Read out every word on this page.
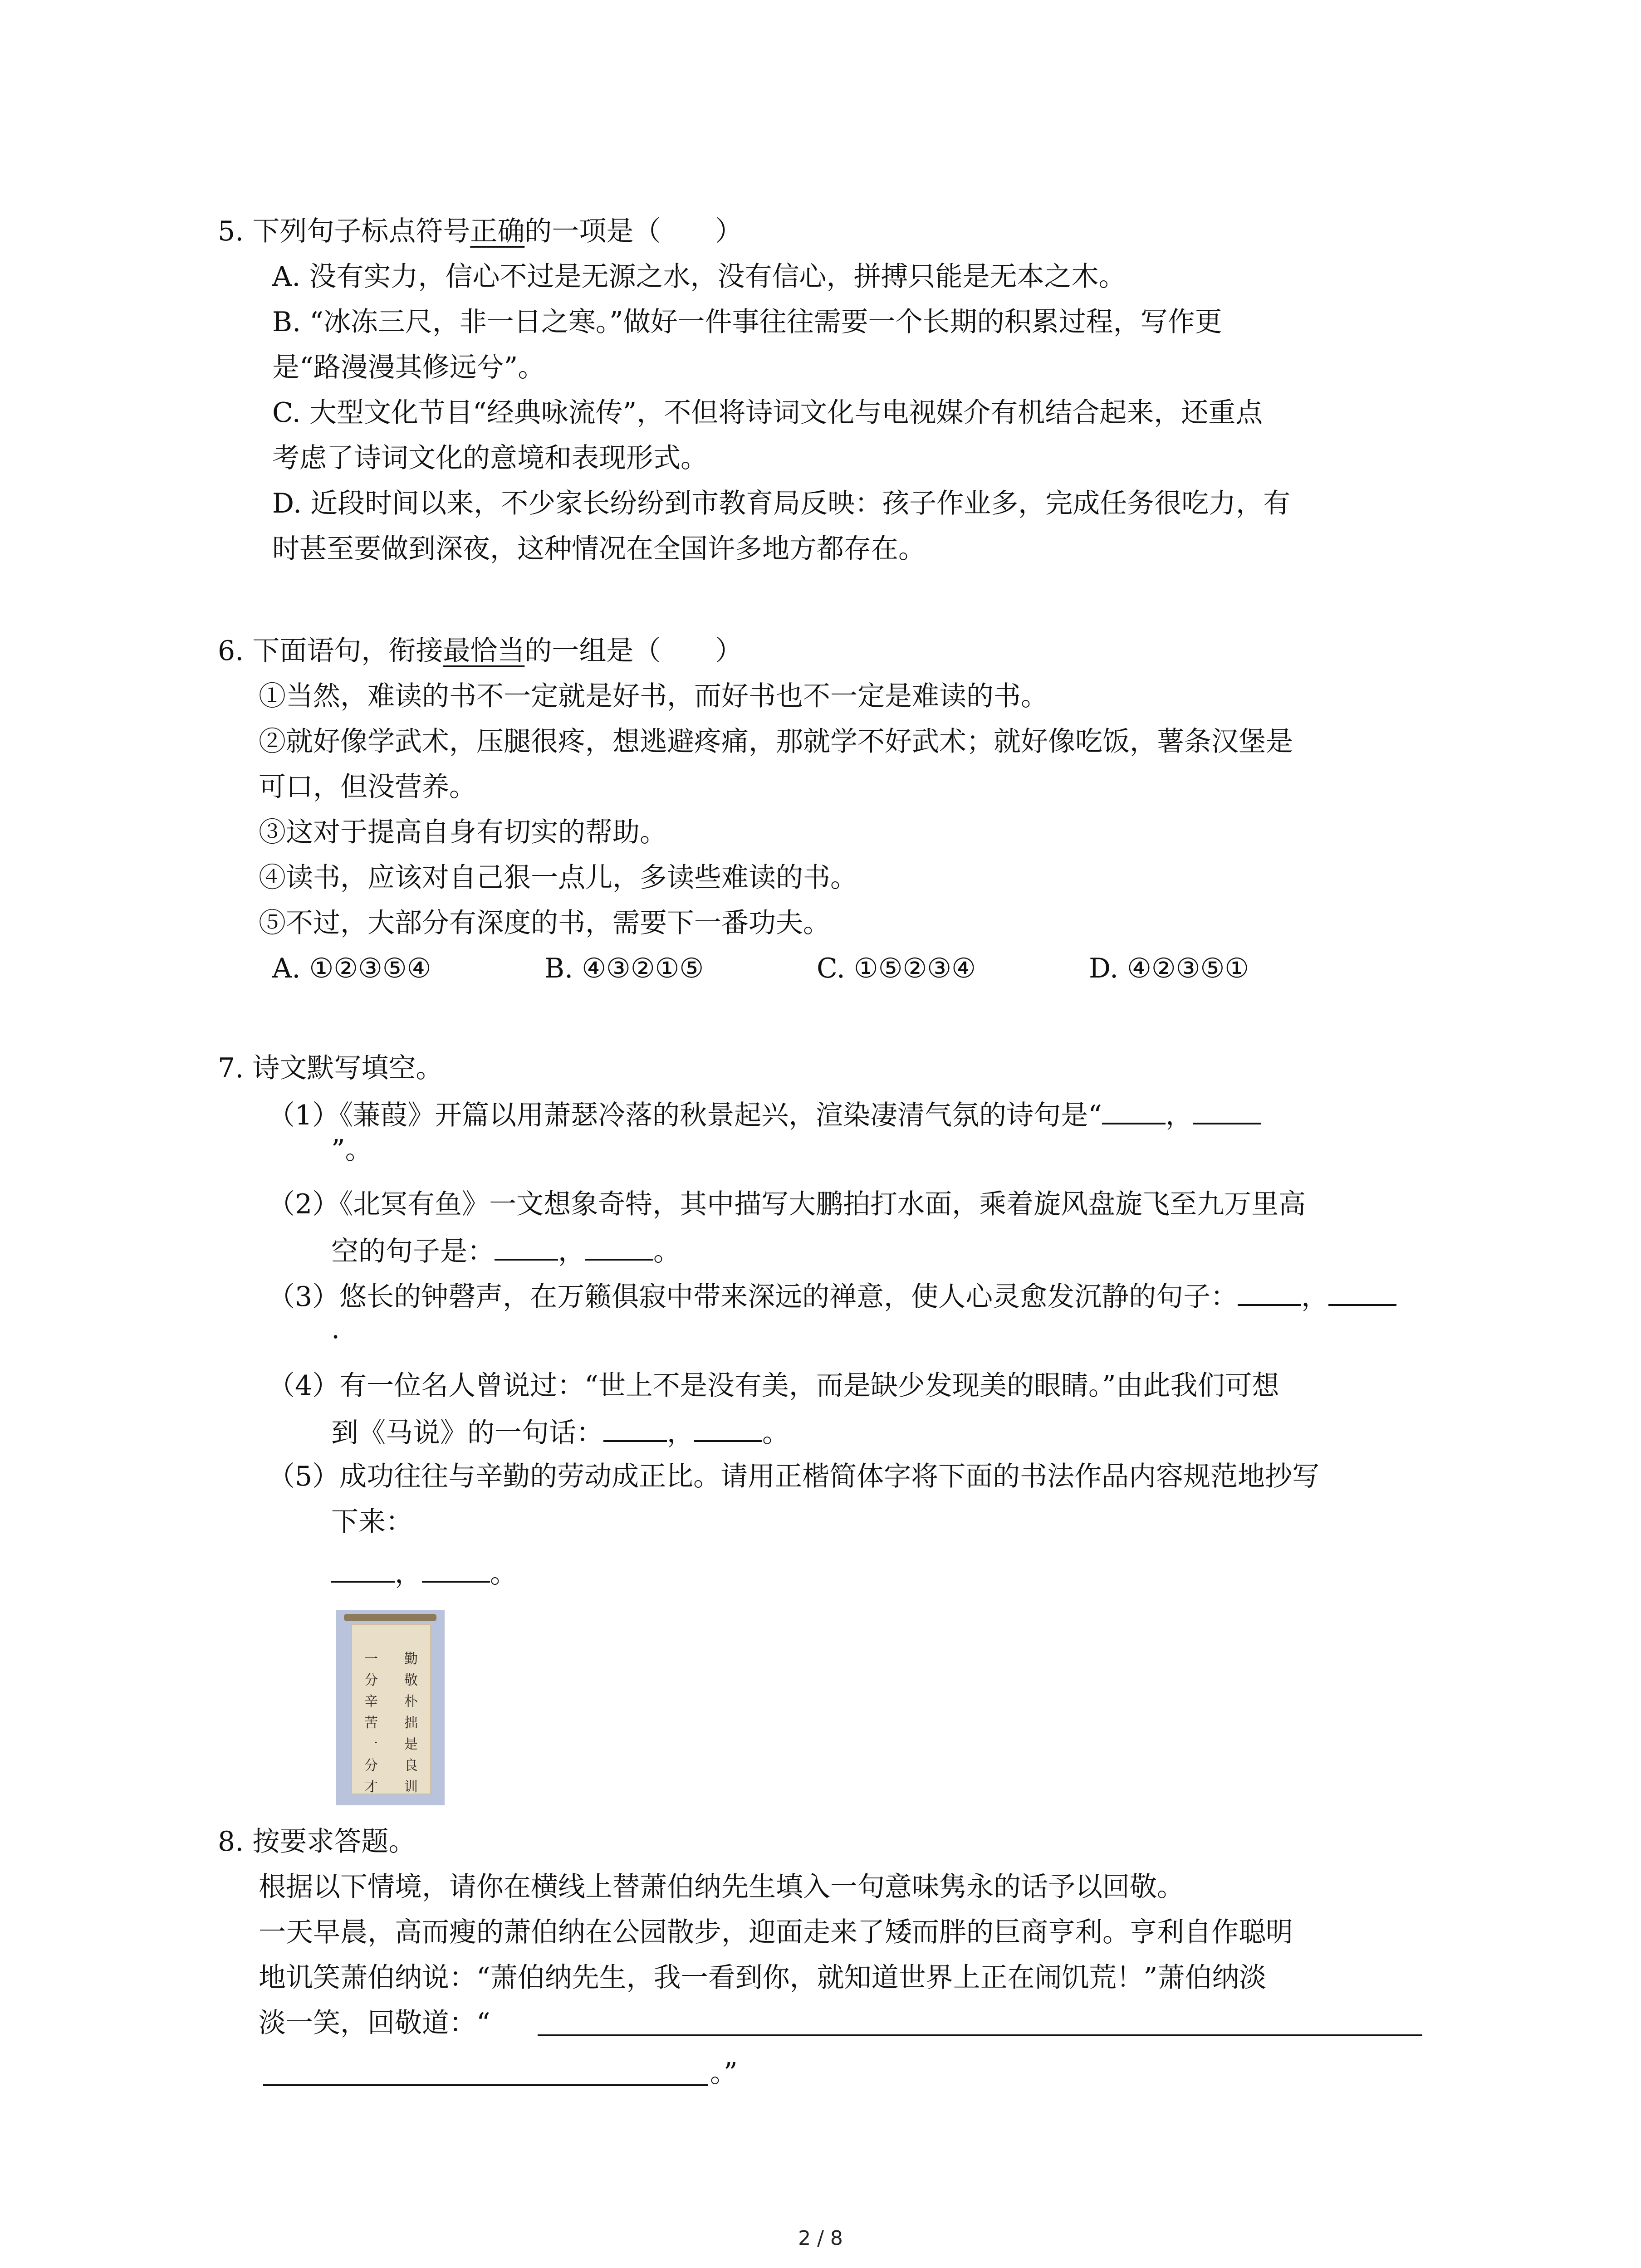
5. 下列句子标点符号正确的一项是（　　）
A. 没有实力，信心不过是无源之水，没有信心，拼搏只能是无本之木。
B. “冰冻三尺，非一日之寒。”做好一件事往往需要一个长期的积累过程，写作更
是“路漫漫其修远兮”。
C. 大型文化节目“经典咏流传”，不但将诗词文化与电视媒介有机结合起来，还重点
考虑了诗词文化的意境和表现形式。
D. 近段时间以来，不少家长纷纷到市教育局反映：孩子作业多，完成任务很吃力，有
时甚至要做到深夜，这种情况在全国许多地方都存在。
6. 下面语句，衔接最恰当的一组是（　　）
①当然，难读的书不一定就是好书，而好书也不一定是难读的书。
②就好像学武术，压腿很疼，想逃避疼痛，那就学不好武术；就好像吃饭，薯条汉堡是
可口，但没营养。
③这对于提高自身有切实的帮助。
④读书，应该对自己狠一点儿，多读些难读的书。
⑤不过，大部分有深度的书，需要下一番功夫。
A. ①②③⑤④	B. ④③②①⑤	C. ①⑤②③④	D. ④②③⑤①
7. 诗文默写填空。
（1）《蒹葭》开篇以用萧瑟冷落的秋景起兴，渲染凄清气氛的诗句是“ ，
”。
（2）《北冥有鱼》一文想象奇特，其中描写大鹏拍打水面，乘着旋风盘旋飞至九万里高
空的句子是： ，	。
（3）悠长的钟磬声，在万籁俱寂中带来深远的禅意，使人心灵愈发沉静的句子： ，
.
（4）有一位名人曾说过：“世上不是没有美，而是缺少发现美的眼睛。”由此我们可想
到《马说》的一句话： ，	。
（5）成功往往与辛勤的劳动成正比。请用正楷简体字将下面的书法作品内容规范地抄写
下来：
，	。
勤
敬
朴
拙
是
良
训
一
分
辛
苦
一
分
才
8. 按要求答题。
根据以下情境，请你在横线上替萧伯纳先生填入一句意味隽永的话予以回敬。
一天早晨，高而瘦的萧伯纳在公园散步，迎面走来了矮而胖的巨商亨利。亨利自作聪明
地讥笑萧伯纳说：“萧伯纳先生，我一看到你，就知道世界上正在闹饥荒！”萧伯纳淡
淡一笑，回敬道：“
。”
2 / 8
